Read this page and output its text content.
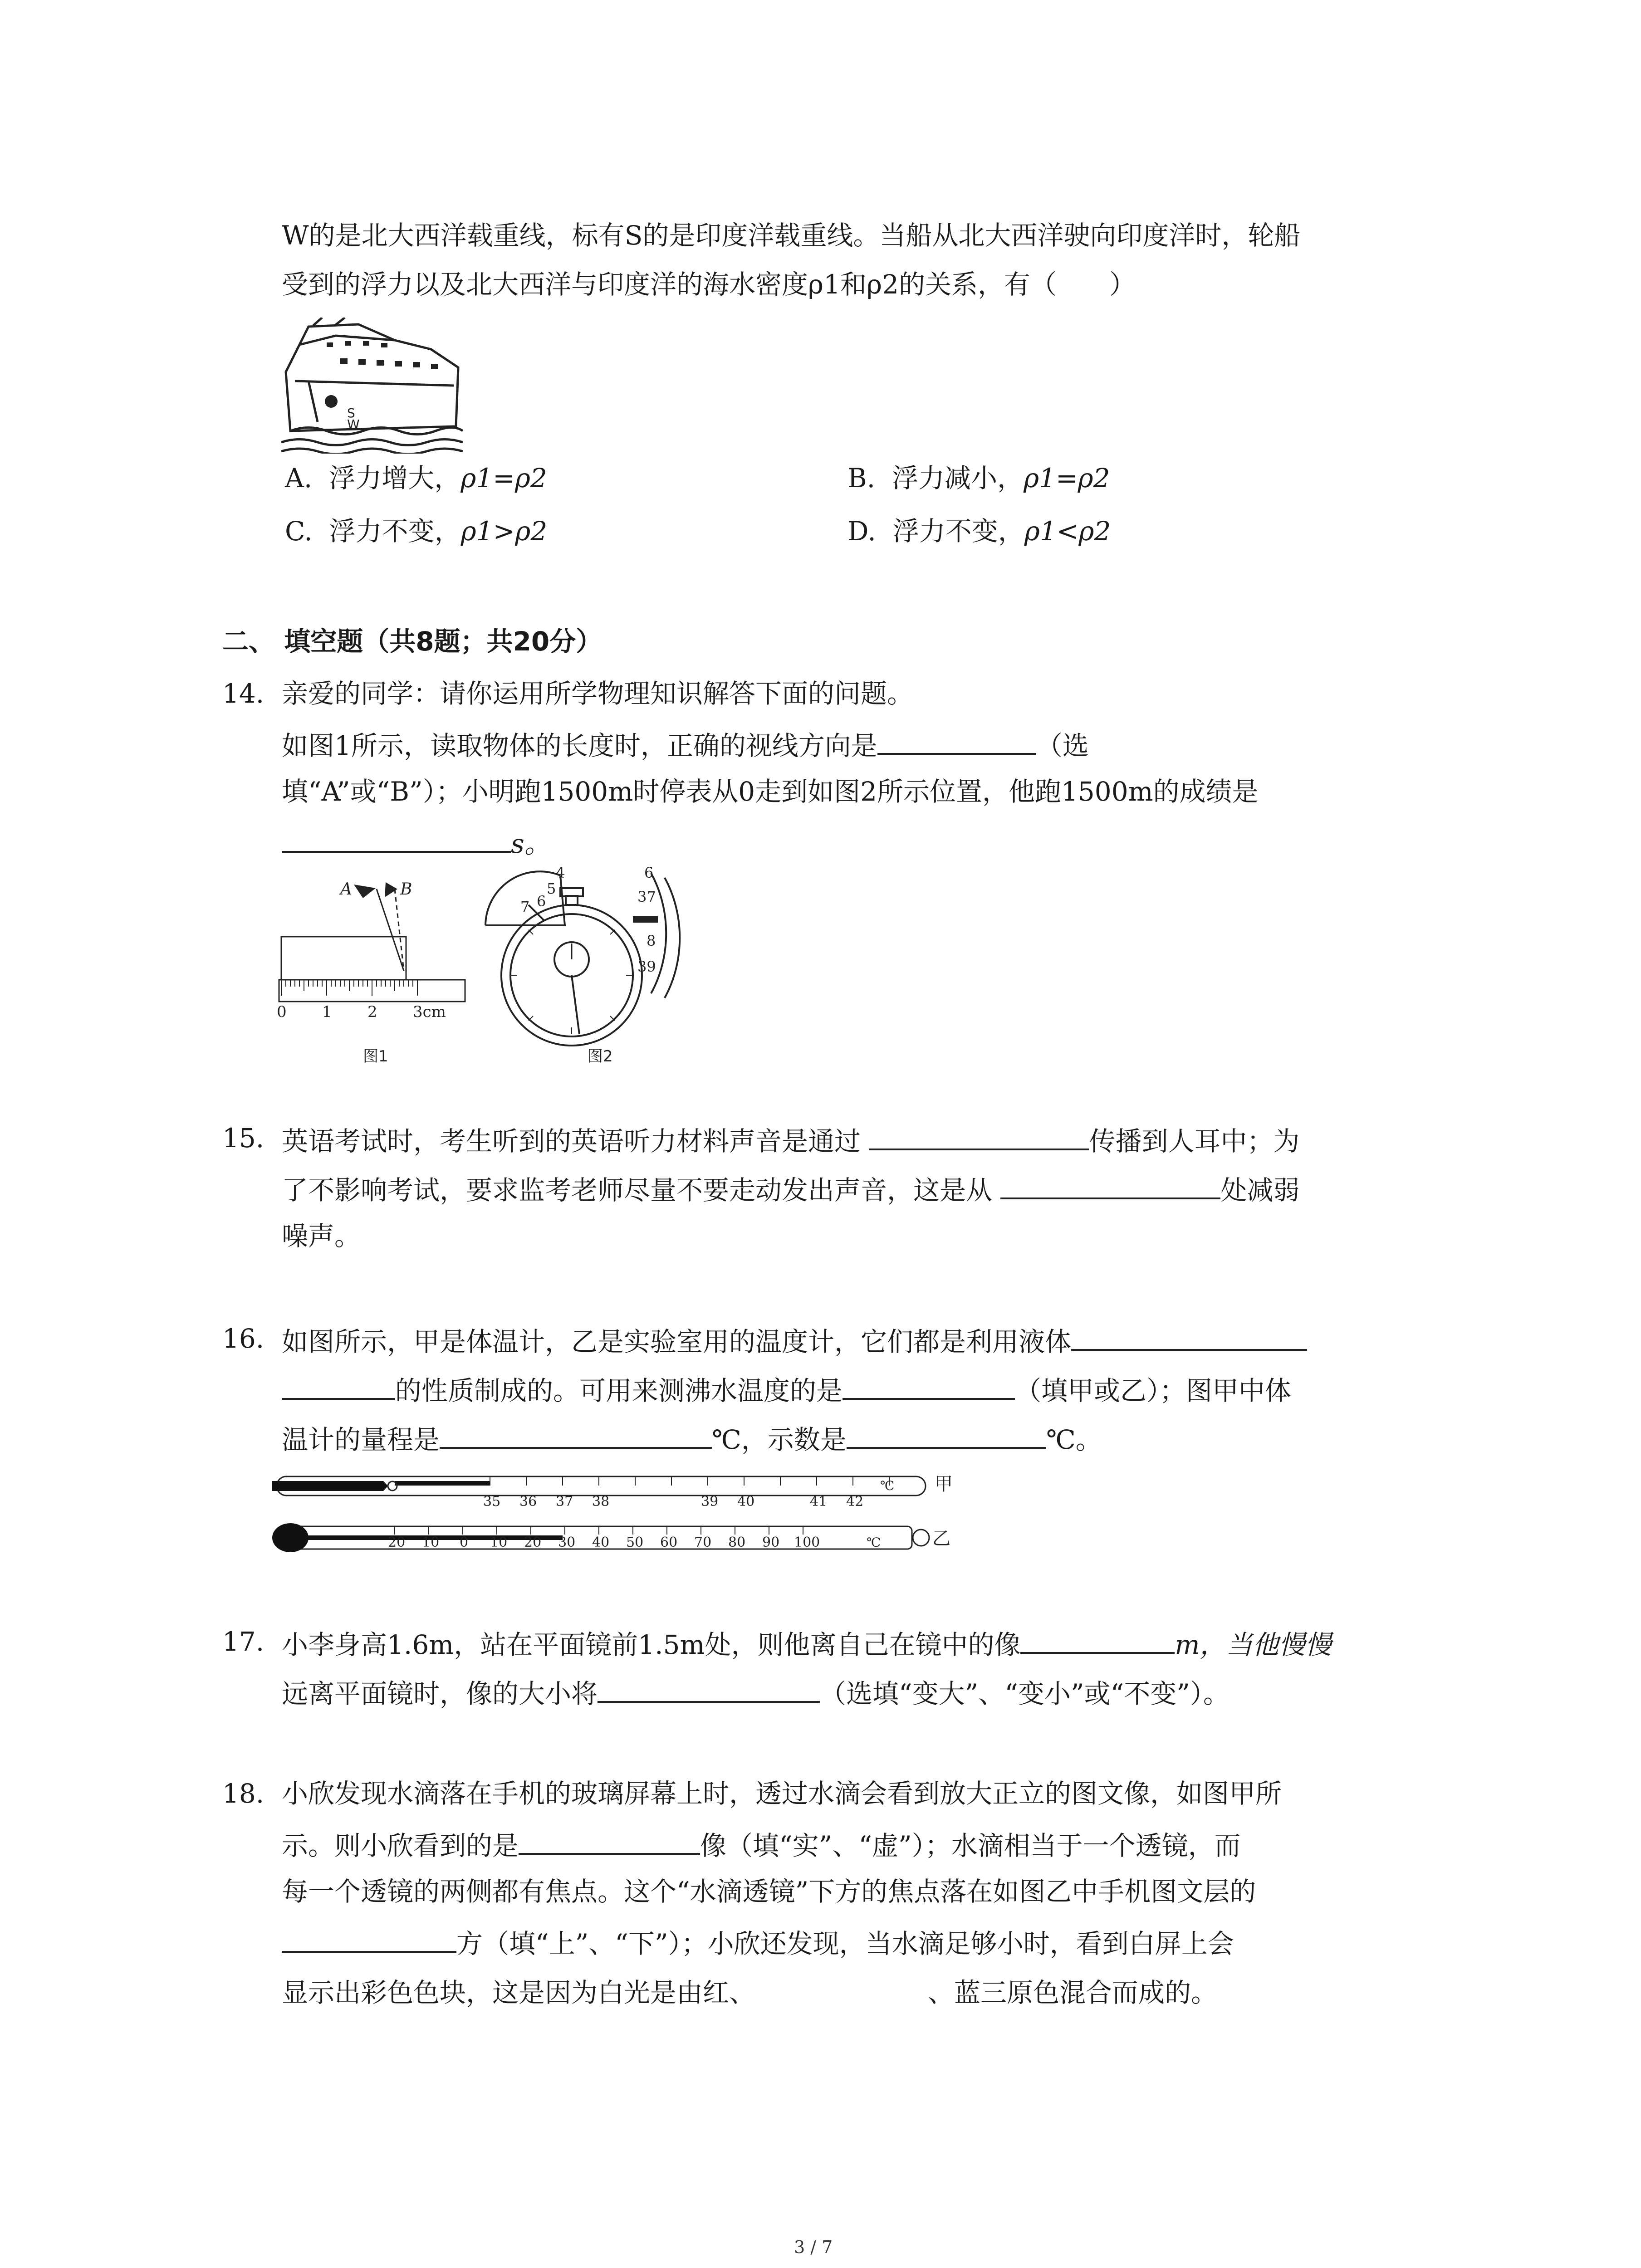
W的是北大西洋载重线，标有S的是印度洋载重线。当船从北大西洋驶向印度洋时，轮船
受到的浮力以及北大西洋与印度洋的海水密度ρ1和ρ2的关系，有（　　）
S
W
A. 浮力增大，ρ1=ρ2	B. 浮力减小，ρ1=ρ2
C. 浮力不变，ρ1>ρ2	D. 浮力不变，ρ1<ρ2
二、 填空题（共8题；共20分）
14. 亲爱的同学：请你运用所学物理知识解答下面的问题。
如图1所示，读取物体的长度时，正确的视线方向是	（选
填“A”或“B”）；小明跑1500m时停表从0走到如图2所示位置，他跑1500m的成绩是
s。
A	B
0 1 2 3cm
图1
4
5
6
7
6
37
8
39
图2
15. 英语考试时，考生听到的英语听力材料声音是通过	传播到人耳中；为
了不影响考试，要求监考老师尽量不要走动发出声音，这是从	处减弱
噪声。
16. 如图所示，甲是体温计，乙是实验室用的温度计，它们都是利用液体
的性质制成的。可用来测沸水温度的是	（填甲或乙）；图甲中体
温计的量程是	℃，示数是	℃。
35 36 37 38	39 40	41 42
℃ 甲
20 10 0 10 20 30 40 50 60 70 80 90 100	℃	乙
17. 小李身高1.6m，站在平面镜前1.5m处，则他离自己在镜中的像	m，当他慢慢
远离平面镜时，像的大小将	（选填“变大”、“变小”或“不变”）。
18. 小欣发现水滴落在手机的玻璃屏幕上时，透过水滴会看到放大正立的图文像，如图甲所
示。则小欣看到的是	像（填“实”、“虚”）；水滴相当于一个透镜，而
每一个透镜的两侧都有焦点。这个“水滴透镜”下方的焦点落在如图乙中手机图文层的
方（填“上”、“下”）；小欣还发现，当水滴足够小时，看到白屏上会
显示出彩色色块，这是因为白光是由红、	、蓝三原色混合而成的。
3 / 7
